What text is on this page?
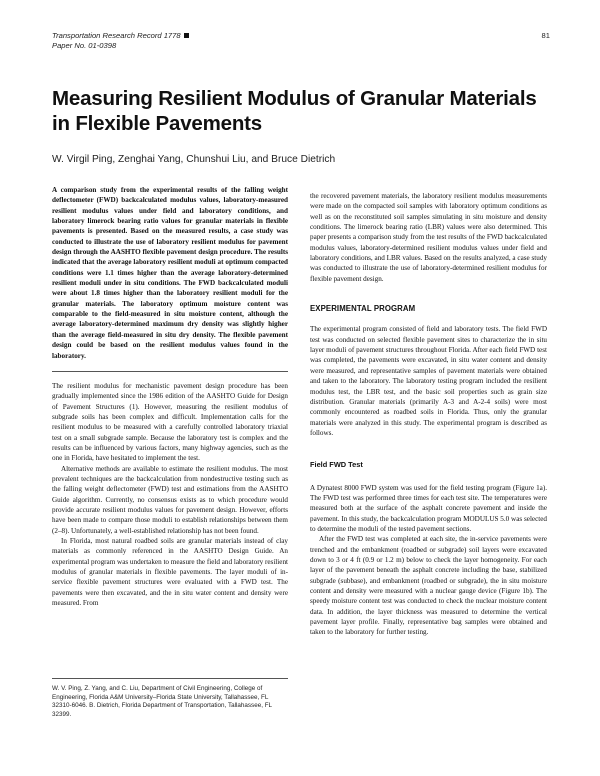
Transportation Research Record 1778
Paper No. 01-0398
81
Measuring Resilient Modulus of Granular Materials in Flexible Pavements
W. Virgil Ping, Zenghai Yang, Chunshui Liu, and Bruce Dietrich

A comparison study from the experimental results of the falling weight deflectometer (FWD) backcalculated modulus values, laboratory-measured resilient modulus values under field and laboratory conditions, and laboratory limerock bearing ratio values for granular materials in flexible pavements is presented. Based on the measured results, a case study was conducted to illustrate the use of laboratory resilient modulus for pavement design through the AASHTO flexible pavement design procedure. The results indicated that the average laboratory resilient moduli at optimum compacted conditions were 1.1 times higher than the average laboratory-determined resilient moduli under in situ conditions. The FWD backcalculated moduli were about 1.8 times higher than the laboratory resilient moduli for the granular materials. The laboratory optimum moisture content was comparable to the field-measured in situ moisture content, although the average laboratory-determined maximum dry density was slightly higher than the average field-measured in situ dry density. The flexible pavement design could be based on the resilient modulus values found in the laboratory.

The resilient modulus for mechanistic pavement design procedure has been gradually implemented since the 1986 edition of the AASHTO Guide for Design of Pavement Structures (1). However, measuring the resilient modulus of subgrade soils has been complex and difficult. Implementation calls for the resilient modulus to be measured with a carefully controlled laboratory triaxial test on a small subgrade sample. Because the laboratory test is complex and the results can be influenced by various factors, many highway agencies, such as the one in Florida, have hesitated to implement the test.

Alternative methods are available to estimate the resilient modulus. The most prevalent techniques are the backcalculation from nondestructive testing such as the falling weight deflectometer (FWD) test and estimations from the AASHTO Guide algorithm. Currently, no consensus exists as to which procedure would provide accurate resilient modulus values for pavement design. However, efforts have been made to compare those moduli to establish relationships between them (2–8). Unfortunately, a well-established relationship has not been found.

In Florida, most natural roadbed soils are granular materials instead of clay materials as commonly referenced in the AASHTO Design Guide. An experimental program was undertaken to measure the field and laboratory resilient modulus of granular materials in flexible pavements. The layer moduli of in-service flexible pavement structures were evaluated with a FWD test. The pavements were then excavated, and the in situ water content and density were measured. From

the recovered pavement materials, the laboratory resilient modulus measurements were made on the compacted soil samples with laboratory optimum conditions as well as on the reconstituted soil samples simulating in situ moisture and density conditions. The limerock bearing ratio (LBR) values were also determined. This paper presents a comparison study from the test results of the FWD backcalculated modulus values, laboratory-determined resilient modulus values under field and laboratory conditions, and LBR values. Based on the results analyzed, a case study was conducted to illustrate the use of laboratory-determined resilient modulus for flexible pavement design.

EXPERIMENTAL PROGRAM

The experimental program consisted of field and laboratory tests. The field FWD test was conducted on selected flexible pavement sites to characterize the in situ layer moduli of pavement structures throughout Florida. After each field FWD test was completed, the pavements were excavated, in situ water content and density were measured, and representative samples of pavement materials were obtained and taken to the laboratory. The laboratory testing program included the resilient modulus test, the LBR test, and the basic soil properties such as grain size distribution. Granular materials (primarily A-3 and A-2-4 soils) were most commonly encountered as roadbed soils in Florida. Thus, only the granular materials were analyzed in this study. The experimental program is described as follows.

Field FWD Test

A Dynatest 8000 FWD system was used for the field testing program (Figure 1a). The FWD test was performed three times for each test site. The temperatures were measured both at the surface of the asphalt concrete pavement and inside the pavement. In this study, the backcalculation program MODULUS 5.0 was selected to determine the moduli of the tested pavement sections.

After the FWD test was completed at each site, the in-service pavements were trenched and the embankment (roadbed or subgrade) soil layers were excavated down to 3 or 4 ft (0.9 or 1.2 m) below to check the layer homogeneity. For each layer of the pavement beneath the asphalt concrete including the base, stabilized subgrade (subbase), and embankment (roadbed or subgrade), the in situ moisture content and density were measured with a nuclear gauge device (Figure 1b). The speedy moisture content test was conducted to check the nuclear moisture content data. In addition, the layer thickness was measured to determine the vertical pavement layer profile. Finally, representative bag samples were obtained and taken to the laboratory for further testing.

W. V. Ping, Z. Yang, and C. Liu, Department of Civil Engineering, College of Engineering, Florida A&M University–Florida State University, Tallahassee, FL 32310-6046. B. Dietrich, Florida Department of Transportation, Tallahassee, FL 32399.
